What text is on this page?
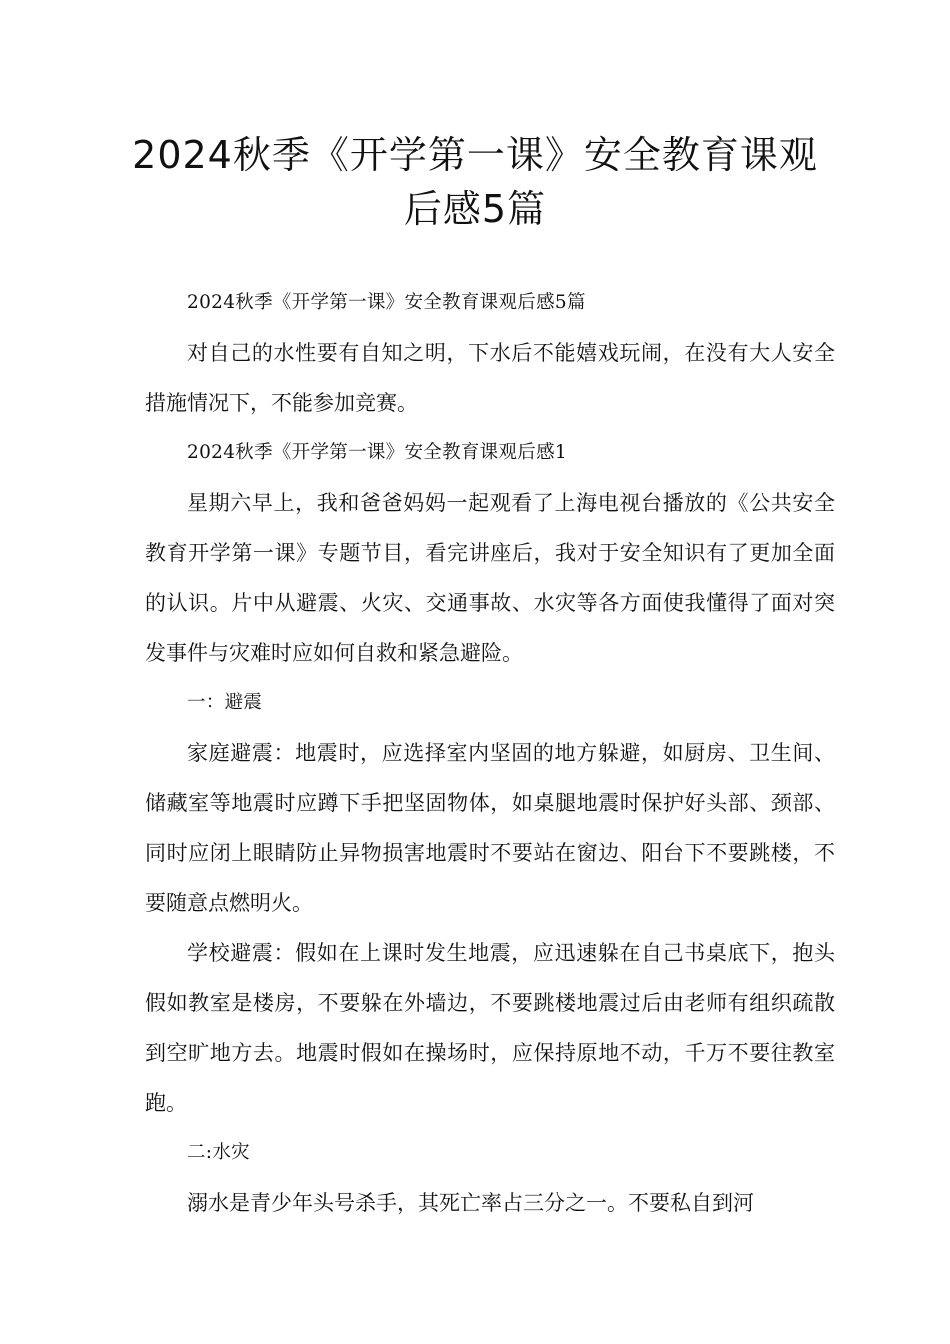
2024秋季《开学第一课》安全教育课观
后感5篇

2024秋季《开学第一课》安全教育课观后感5篇

对自己的水性要有自知之明，下水后不能嬉戏玩闹，在没有大人安全措施情况下，不能参加竞赛。

2024秋季《开学第一课》安全教育课观后感1

星期六早上，我和爸爸妈妈一起观看了上海电视台播放的《公共安全教育开学第一课》专题节目，看完讲座后，我对于安全知识有了更加全面的认识。片中从避震、火灾、交通事故、水灾等各方面使我懂得了面对突发事件与灾难时应如何自救和紧急避险。

一：避震

家庭避震：地震时，应选择室内坚固的地方躲避，如厨房、卫生间、储藏室等地震时应蹲下手把坚固物体，如桌腿地震时保护好头部、颈部、同时应闭上眼睛防止异物损害地震时不要站在窗边、阳台下不要跳楼，不要随意点燃明火。

学校避震：假如在上课时发生地震，应迅速躲在自己书桌底下，抱头假如教室是楼房，不要躲在外墙边，不要跳楼地震过后由老师有组织疏散到空旷地方去。地震时假如在操场时，应保持原地不动，千万不要往教室跑。

二:水灾

溺水是青少年头号杀手，其死亡率占三分之一。不要私自到河
